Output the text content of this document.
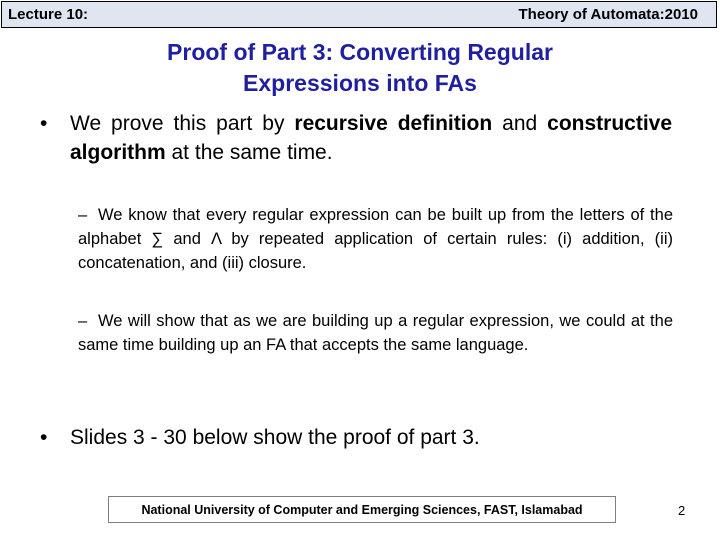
Lecture 10:	Theory of Automata:2010
Proof of Part 3: Converting Regular
Expressions into FAs
• We prove this part by recursive definition and constructive algorithm at the same time.
– We know that every regular expression can be built up from the letters of the alphabet ∑ and Λ by repeated application of certain rules: (i) addition, (ii) concatenation, and (iii) closure.
– We will show that as we are building up a regular expression, we could at the same time building up an FA that accepts the same language.
• Slides 3 - 30 below show the proof of part 3.
National University of Computer and Emerging Sciences, FAST, Islamabad	2
